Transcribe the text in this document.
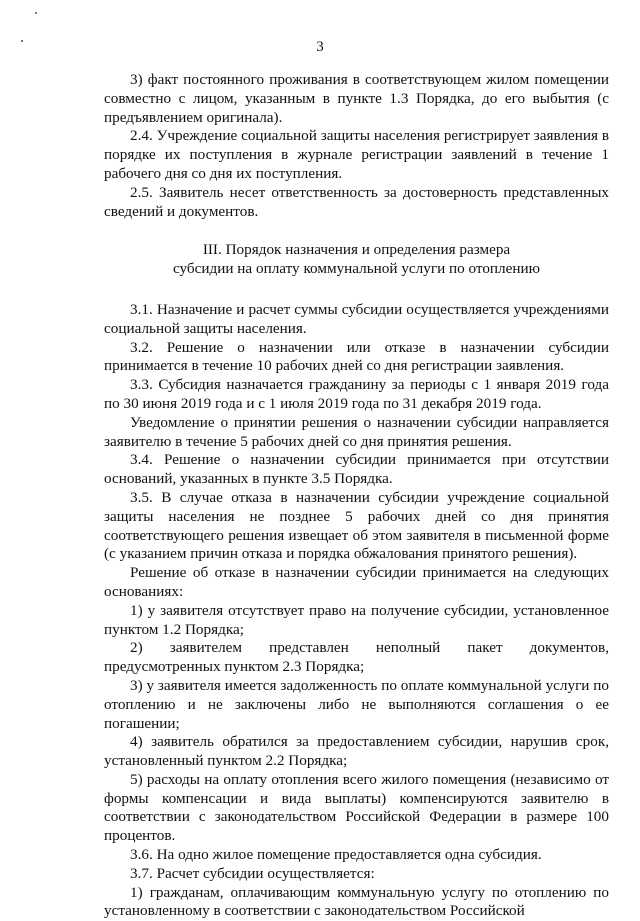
3

3) факт постоянного проживания в соответствующем жилом помещении совместно с лицом, указанным в пункте 1.3 Порядка, до его выбытия (с предъявлением оригинала).

2.4. Учреждение социальной защиты населения регистрирует заявления в порядке их поступления в журнале регистрации заявлений в течение 1 рабочего дня со дня их поступления.

2.5. Заявитель несет ответственность за достоверность представленных сведений и документов.

III. Порядок назначения и определения размера

субсидии на оплату коммунальной услуги по отоплению

3.1. Назначение и расчет суммы субсидии осуществляется учреждениями социальной защиты населения.

3.2. Решение о назначении или отказе в назначении субсидии принимается в течение 10 рабочих дней со дня регистрации заявления.

3.3. Субсидия назначается гражданину за периоды с 1 января 2019 года по 30 июня 2019 года и с 1 июля 2019 года по 31 декабря 2019 года.

Уведомление о принятии решения о назначении субсидии направляется заявителю в течение 5 рабочих дней со дня принятия решения.

3.4. Решение о назначении субсидии принимается при отсутствии оснований, указанных в пункте 3.5 Порядка.

3.5. В случае отказа в назначении субсидии учреждение социальной защиты населения не позднее 5 рабочих дней со дня принятия соответствующего решения извещает об этом заявителя в письменной форме (с указанием причин отказа и порядка обжалования принятого решения).

Решение об отказе в назначении субсидии принимается на следующих основаниях:

1) у заявителя отсутствует право на получение субсидии, установленное пунктом 1.2 Порядка;

2) заявителем представлен неполный пакет документов, предусмотренных пунктом 2.3 Порядка;

3) у заявителя имеется задолженность по оплате коммунальной услуги по отоплению и не заключены либо не выполняются соглашения о ее погашении;

4) заявитель обратился за предоставлением субсидии, нарушив срок, установленный пунктом 2.2 Порядка;

5) расходы на оплату отопления всего жилого помещения (независимо от формы компенсации и вида выплаты) компенсируются заявителю в соответствии с законодательством Российской Федерации в размере 100 процентов.

3.6. На одно жилое помещение предоставляется одна субсидия.

3.7. Расчет субсидии осуществляется:

1) гражданам, оплачивающим коммунальную услугу по отоплению по установленному в соответствии с законодательством Российской
